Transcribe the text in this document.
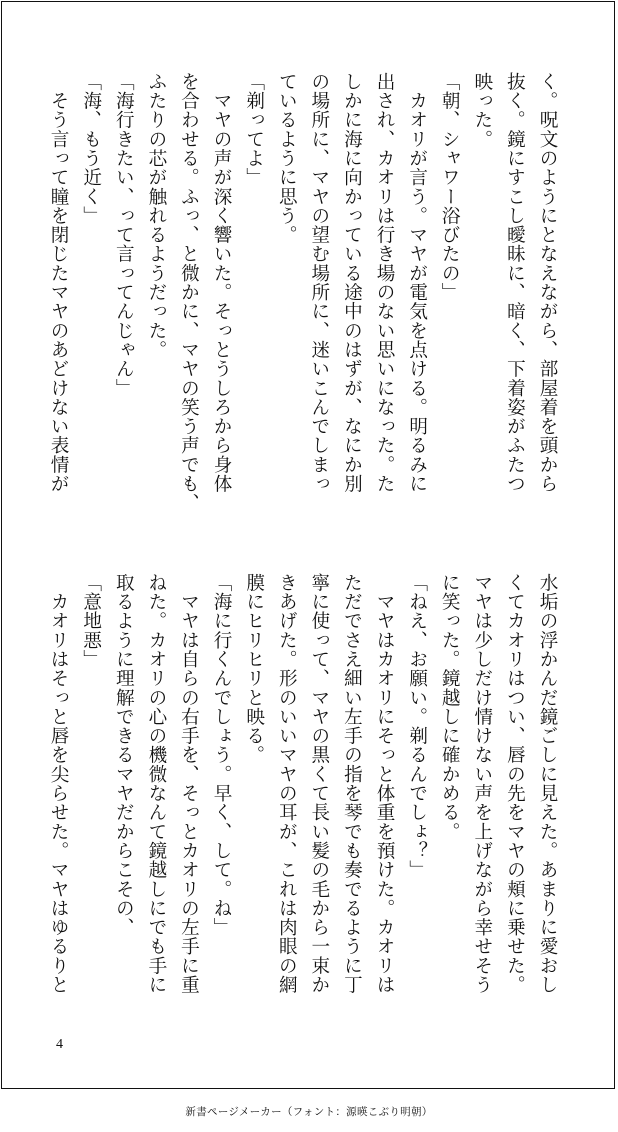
く。呪文のようにとなえながら、部屋着を頭から
抜く。鏡にすこし曖昧に、暗く、下着姿がふたつ
映った。
「朝、シャワー浴びたの」
　カオリが言う。マヤが電気を点ける。明るみに
出され、カオリは行き場のない思いになった。た
しかに海に向かっている途中のはずが、なにか別
の場所に、マヤの望む場所に、迷いこんでしまっ
ているように思う。
「剃ってよ」
　マヤの声が深く響いた。そっとうしろから身体
を合わせる。ふっ、と微かに、マヤの笑う声でも、
ふたりの芯が触れるようだった。
「海行きたい、って言ってんじゃん」
「海、もう近く」
　そう言って瞳を閉じたマヤのあどけない表情が
水垢の浮かんだ鏡ごしに見えた。あまりに愛おし
くてカオリはつい、唇の先をマヤの頬に乗せた。
マヤは少しだけ情けない声を上げながら幸せそう
に笑った。鏡越しに確かめる。
「ねえ、お願い。剃るんでしょ？」
　マヤはカオリにそっと体重を預けた。カオリは
ただでさえ細い左手の指を琴でも奏でるように丁
寧に使って、マヤの黒くて長い髪の毛から一束か
きあげた。形のいいマヤの耳が、これは肉眼の網
膜にヒリヒリと映る。
「海に行くんでしょう。早く、して。ね」
　マヤは自らの右手を、そっとカオリの左手に重
ねた。カオリの心の機微なんて鏡越しにでも手に
取るように理解できるマヤだからこその、
「意地悪」
　カオリはそっと唇を尖らせた。マヤはゆるりと
4
新書ページメーカー（フォント：源暎こぶり明朝）
